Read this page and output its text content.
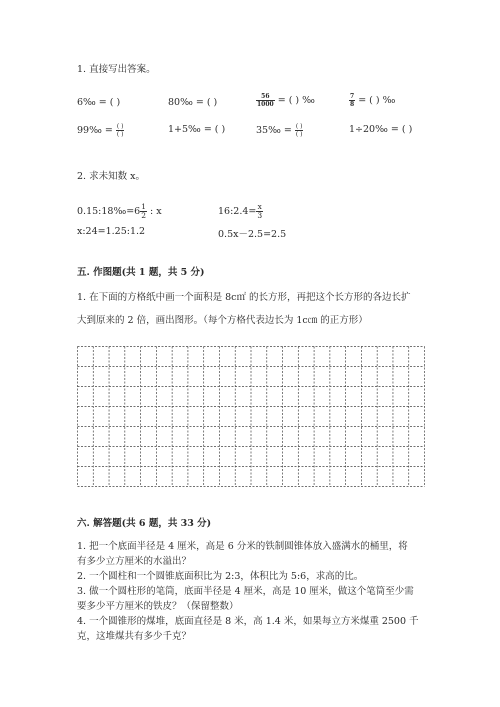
1. 直接写出答案。
6‰ = ( )	80‰ = ( )	$\frac{56}{1000}$ = ( ) ‰	$\frac{7}{8}$ = ( ) ‰
99‰ = $\frac{( )}{( )}$	1+5‰ = ( )	35‰ = $\frac{( )}{( )}$	1÷20‰ = ( )
2. 求未知数 x。
0.15:18‰=6 $\frac{1}{2}$ : x	16:2.4= $\frac{x}{3}$
x:24=1.25:1.2	0.5x－2.5=2.5
五. 作图题(共 1 题，共 5 分)
1. 在下面的方格纸中画一个面积是 8c㎡ 的长方形，再把这个长方形的各边长扩
大到原来的 2 倍，画出图形。（每个方格代表边长为 1c㎝ 的正方形）
六. 解答题(共 6 题，共 33 分)
1. 把一个底面半径是 4 厘米，高是 6 分米的铁制圆锥体放入盛满水的桶里，将
有多少立方厘米的水溢出？
2. 一个圆柱和一个圆锥底面积比为 2:3，体积比为 5:6，求高的比。
3. 做一个圆柱形的笔筒，底面半径是 4 厘米，高是 10 厘米，做这个笔筒至少需
要多少平方厘米的铁皮？（保留整数）
4. 一个圆锥形的煤堆，底面直径是 8 米，高 1.4 米，如果每立方米煤重 2500 千
克，这堆煤共有多少千克？
